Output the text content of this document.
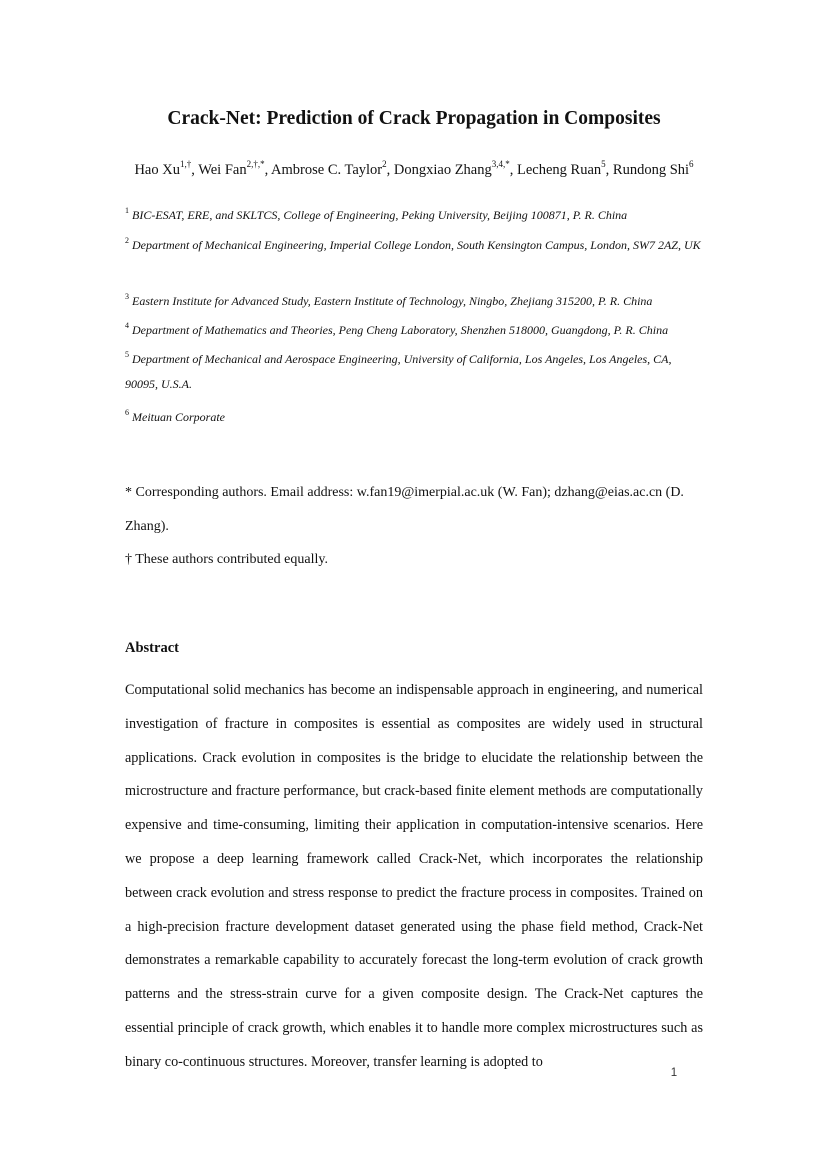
Crack-Net: Prediction of Crack Propagation in Composites
Hao $Xu^{1,\dagger}$, Wei Fan$^{2,\dagger,*}$, Ambrose C. Taylor$^2$, Dongxiao Zhang$^{3,4,*}$, Lecheng Ruan$^5$, Rundong Shi$^6$
$^1$ BIC-ESAT, ERE, and SKLTCS, College of Engineering, Peking University, Beijing 100871, P. R. China
$^2$ Department of Mechanical Engineering, Imperial College London, South Kensington Campus, London, SW7 2AZ, UK
$^3$ Eastern Institute for Advanced Study, Eastern Institute of Technology, Ningbo, Zhejiang 315200, P. R. China
$^4$ Department of Mathematics and Theories, Peng Cheng Laboratory, Shenzhen 518000, Guangdong, P. R. China
$^5$ Department of Mechanical and Aerospace Engineering, University of California, Los Angeles, Los Angeles, CA, 90095, U.S.A.
$^6$ Meituan Corporate
* Corresponding authors. Email address: w.fan19@imerpial.ac.uk (W. Fan); dzhang@eias.ac.cn (D. Zhang).
† These authors contributed equally.
Abstract
Computational solid mechanics has become an indispensable approach in engineering, and numerical investigation of fracture in composites is essential as composites are widely used in structural applications. Crack evolution in composites is the bridge to elucidate the relationship between the microstructure and fracture performance, but crack-based finite element methods are computationally expensive and time-consuming, limiting their application in computation-intensive scenarios. Here we propose a deep learning framework called Crack-Net, which incorporates the relationship between crack evolution and stress response to predict the fracture process in composites. Trained on a high-precision fracture development dataset generated using the phase field method, Crack-Net demonstrates a remarkable capability to accurately forecast the long-term evolution of crack growth patterns and the stress-strain curve for a given composite design. The Crack-Net captures the essential principle of crack growth, which enables it to handle more complex microstructures such as binary co-continuous structures. Moreover, transfer learning is adopted to
1
